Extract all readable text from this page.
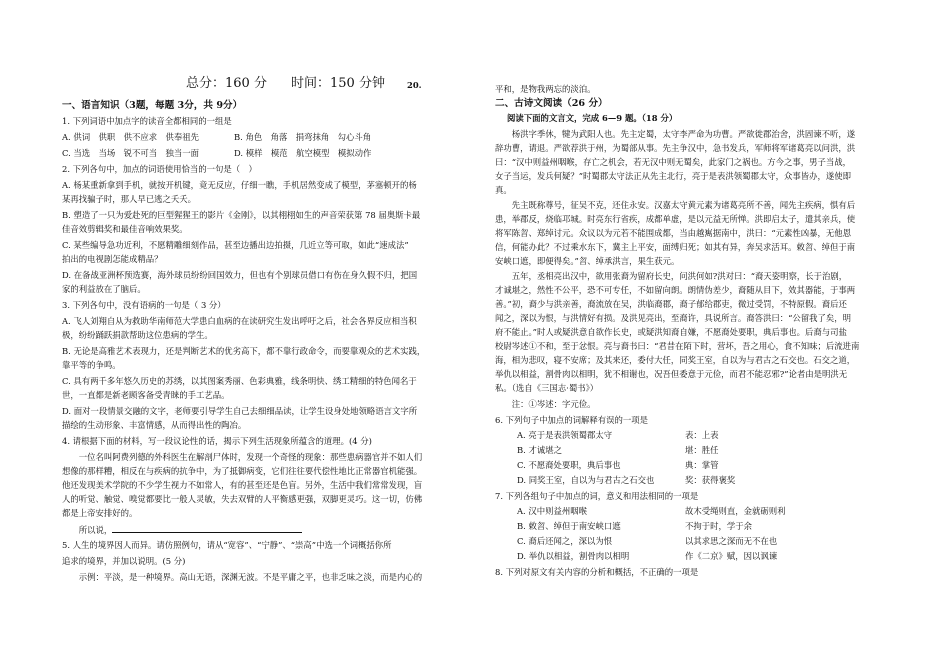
总分：160 分 时间：150 分钟	20.
一、语言知识（3题，每题 3分，共 9分）
1. 下列词语中加点字的读音全都相同的一组是
A. 供词　供职　供不应求　供奉祖先	B. 角色　角落　捐弯抹角　勾心斗角
C. 当选　当场　锐不可当　独当一面	D. 模样　模范　航空模型　模拟动作
2. 下列各句中，加点的词语使用恰当的一句是（　）
A. 杨某重新拿到手机，就按开机键，竟无反应，仔细一瞧，手机居然变成了模型，茅塞顿开的杨
某再找骗子时，那人早已逃之夭夭。
B. 塑造了一只为爱赴死的巨型猩猩王的影片《金刚》，以其栩栩如生的声音荣获第 78 届奥斯卡最
佳音效剪辑奖和最佳音响效果奖。
C. 某些编导急功近利，不愿精雕细刻作品，甚至边播出边拍摄，几近立等可取，如此“速成法”
拍出的电视剧怎能成精品？
D. 在备战亚洲杯预选赛，海外球员纷纷回国效力，但也有个别球员借口有伤在身久假不归，把国
家的利益放在了脑后。
3. 下列各句中，没有语病的一句是（ 3 分）
A. 飞人刘翔自从为救助华南师范大学患白血病的在读研究生发出呼吁之后，社会各界反应相当积
极，纷纷踊跃捐款帮助这位患病的学生。
B. 无论是高雅艺术表现力，还是判断艺术的优劣高下，都不靠行政命令，而要靠观众的艺术实践，
靠平等的争鸣。
C. 具有两千多年悠久历史的苏绣，以其图案秀丽、色彩典雅，线条明快、绣工精细的特色闻名于
世，一直都是新老顾客备受青睐的手工艺品。
D. 面对一段情景交融的文字，老师要引导学生自己去细细品读，让学生设身处地领略语言文字所
描绘的生动形象、丰富情感，从而得出性的陶冶。
4. 请根据下面的材料，写一段议论性的话，揭示下列生活现象所蕴含的道理。(4 分)
　　一位名叫阿费列德的外科医生在解剖尸体时，发现一个奇怪的现象：那些患病器官并不如人们
想像的那样糟，相反在与疾病的抗争中，为了抵御病变，它们往往要代偿性地比正常器官机能强。
他还发现美术学院的不少学生视力不如常人，有的甚至还是色盲。另外，生活中我们常常发现，盲
人的听觉、触觉、嗅觉都要比一般人灵敏，失去双臂的人平衡感更强，双脚更灵巧。这一切，仿佛
都是上帝安排好的。
　　所以说，
5. 人生的境界因人而异。请仿照例句，请从“宽容”、“宁静”、“崇高”中选一个词概括你所
追求的境界，并加以说明。(5 分)
　　示例：平淡，是一种境界。高山无语，深渊无波。不是平庸之平，也非乏味之淡，而是内心的
平和，是物我两忘的淡泊。
二、古诗文阅读（26 分）
阅读下面的文言文，完成 6—9 题。（18 分）
　　杨洪字季休，犍为武阳人也。先主定蜀，太守李严命为功曹。严欲徙郡治舍，洪固谏不听，遂
辞功曹，请退。严欲荐洪于州，为蜀部从事。先主争汉中，急书发兵，军师将军诸葛亮以问洪，洪
曰：“汉中则益州咽喉，存亡之机会，若无汉中则无蜀矣，此家门之祸也。方今之事，男子当战，
女子当运，发兵何疑？”时蜀郡太守法正从先主北行，亮于是表洪领蜀郡太守，众事皆办，遂使即
真。
　　先主既称尊号，征吴不克，还住永安。汉嘉太守黄元素为诸葛亮所不善，闻先主疾病，惧有后
患，举郡反，烧临邛城。时亮东行省疾，成都单虚，是以元益无所惮。洪即启太子，遣其亲兵，使
将军陈曶、郑绰讨元。众议以为元若不能围成都，当由越嶲据南中，洪曰：“元素性凶暴，无他恩
信，何能办此？不过乘水东下，冀主上平安，面缚归死；如其有异，奔吴求活耳。敕曶、绰但于南
安峡口遮，即便得矣。”曶、绰承洪言，果生获元。
　　五年，丞相亮出汉中，欲用张裔为留府长史，问洪何如?洪对曰：“裔天姿明察，长于治剧，
才诚堪之，然性不公平，恐不可专任，不如留向朗。朗情伪差少，裔随从目下，效其器能，于事两
善。”初，裔少与洪亲善，裔流放在吴，洪临裔郡，裔子郁给郡吏，微过受罚，不特原假。裔后还
闻之，深以为恨，与洪情好有损。及洪见亮出，至裔许，具说所言。裔答洪曰：“公留我了矣，明
府不能止。”时人或疑洪意自欲作长史，或疑洪知裔自嫌，不愿裔处要职，典后事也。后裔与司盐
校尉岑述①不和，至于忿恨。亮与裔书曰：“君昔在陌下时，营坏，吾之用心，食不知味；后流进南
海，相为悲叹，寝不安席；及其来还，委付大任，同奖王室，自以为与君古之石交也。石交之道，
举仇以相益，割骨肉以相明，犹不相谢也，况吾但委意于元俭，而君不能忍邪?”论者由是明洪无
私。（选自《三国志·蜀书》）
　　注：①岑述：字元俭。
6. 下列句子中加点的词解释有误的一项是
A. 亮于是表洪领蜀郡太守	表：上表
B. 才诚堪之	堪：胜任
C. 不愿裔处要职，典后事也	典：掌管
D. 同奖王室，自以为与君古之石交也	奖：获得褒奖
7. 下列各组句子中加点的词，意义和用法相同的一项是
A. 汉中则益州咽喉	故木受绳则直，金就砺则利
B. 敕曶、绰但于南安峡口遮	不拘于时，学于余
C. 裔后还闻之，深以为恨	以其求思之深而无不在也
D. 举仇以相益，割骨肉以相明	作《二京》赋，因以讽谏
8. 下列对原文有关内容的分析和概括，不正确的一项是
